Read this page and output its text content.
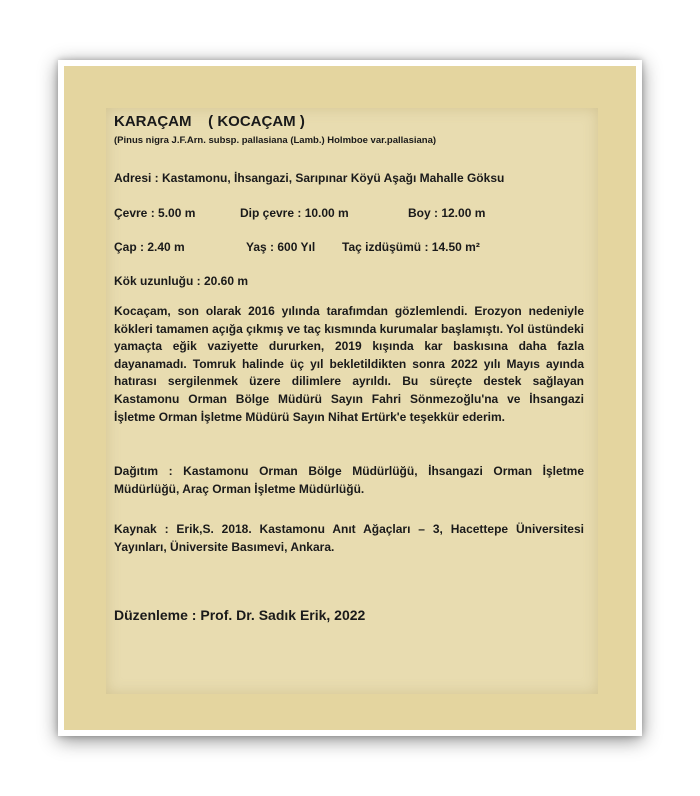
KARAÇAM    ( KOCAÇAM )

(Pinus nigra J.F.Arn. subsp. pallasiana (Lamb.) Holmboe var.pallasiana)

Adresi : Kastamonu, İhsangazi, Sarıpınar Köyü Aşağı Mahalle Göksu

Çevre : 5.00 m	Dip çevre : 10.00 m	Boy : 12.00 m
Çap : 2.40 m	Yaş : 600 Yıl	Taç izdüşümü : 14.50 m²
Kök uzunluğu : 20.60 m

Kocaçam, son olarak 2016 yılında tarafımdan gözlemlendi. Erozyon nedeniyle kökleri tamamen açığa çıkmış ve taç kısmında kurumalar başlamıştı. Yol üstündeki yamaçta eğik vaziyette dururken, 2019 kışında kar baskısına daha fazla dayanamadı. Tomruk halinde üç yıl bekletildikten sonra 2022 yılı Mayıs ayında hatırası sergilenmek üzere dilimlere ayrıldı. Bu süreçte destek sağlayan Kastamonu Orman Bölge Müdürü Sayın Fahri Sönmezoğlu'na ve İhsangazi İşletme Orman İşletme Müdürü Sayın Nihat Ertürk'e teşekkür ederim.

Dağıtım : Kastamonu Orman Bölge Müdürlüğü, İhsangazi Orman İşletme Müdürlüğü, Araç Orman İşletme Müdürlüğü.

Kaynak : Erik,S. 2018. Kastamonu Anıt Ağaçları – 3, Hacettepe Üniversitesi Yayınları, Üniversite Basımevi, Ankara.

Düzenleme : Prof. Dr. Sadık Erik, 2022
